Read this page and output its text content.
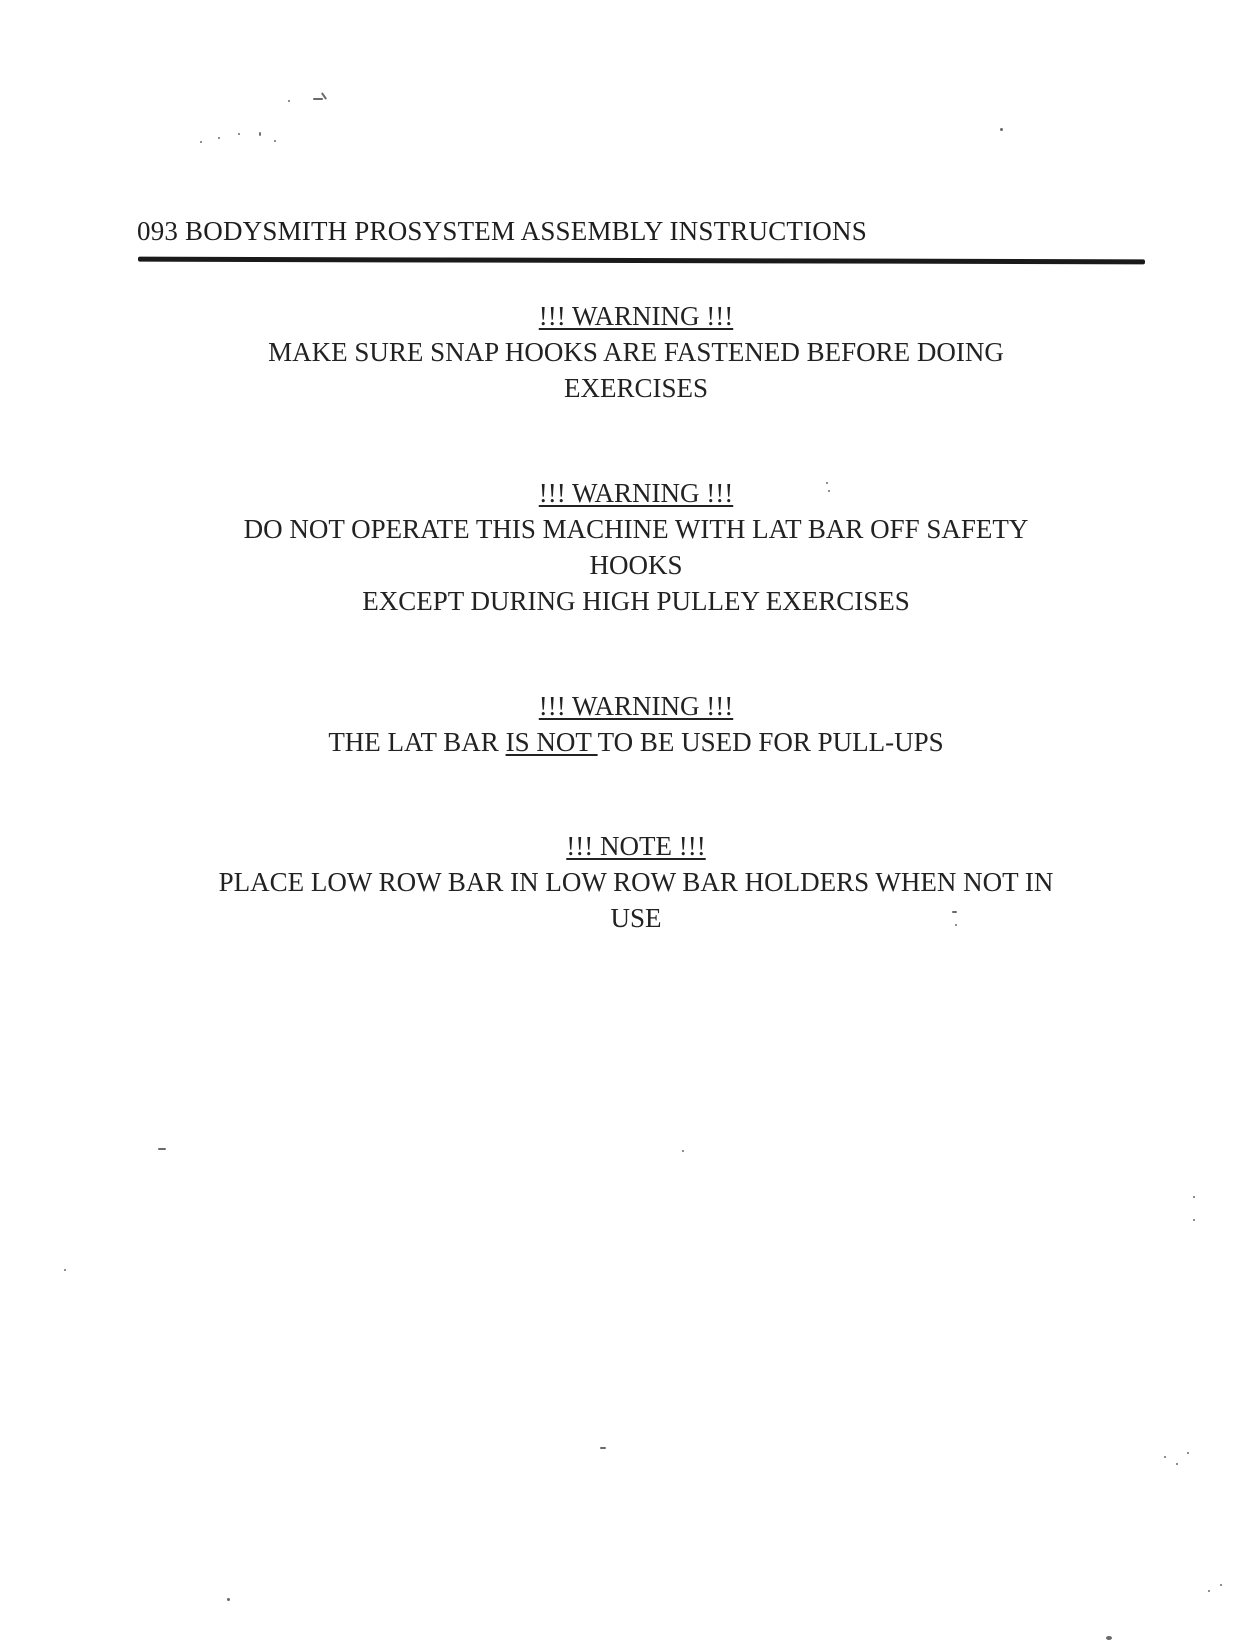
093 BODYSMITH PROSYSTEM ASSEMBLY INSTRUCTIONS
!!! WARNING !!!
MAKE SURE SNAP HOOKS ARE FASTENED BEFORE DOING
EXERCISES
!!! WARNING !!!
DO NOT OPERATE THIS MACHINE WITH LAT BAR OFF SAFETY
HOOKS
EXCEPT DURING HIGH PULLEY EXERCISES
!!! WARNING !!!
THE LAT BAR IS NOT TO BE USED FOR PULL-UPS
!!! NOTE !!!
PLACE LOW ROW BAR IN LOW ROW BAR HOLDERS WHEN NOT IN
USE
